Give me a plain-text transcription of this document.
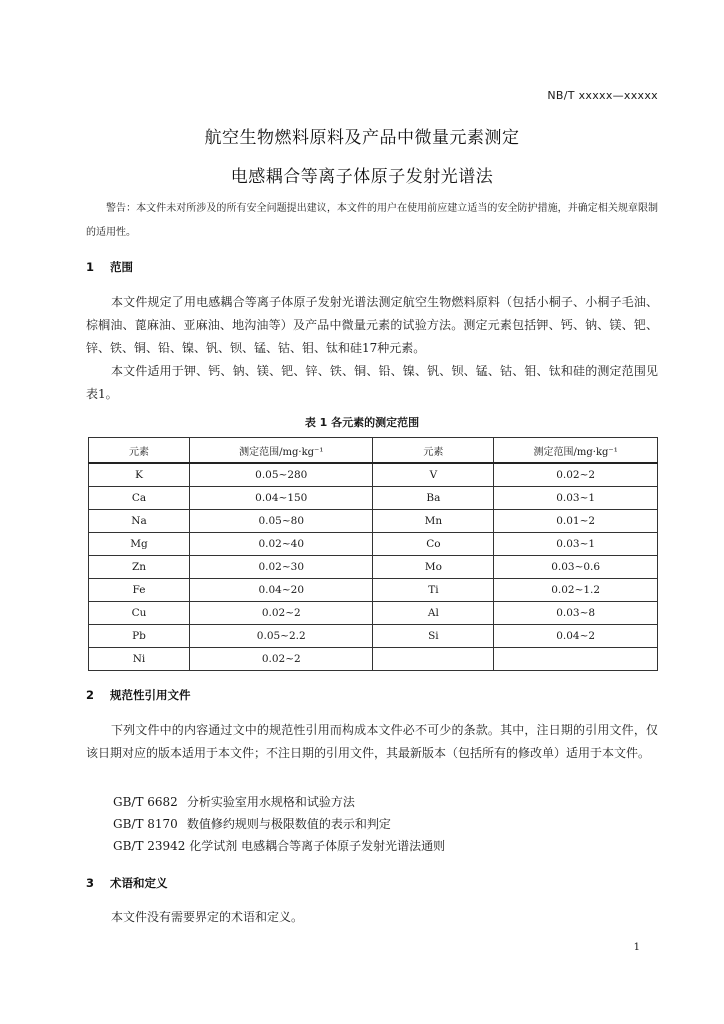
NB/T xxxxx—xxxxx
航空生物燃料原料及产品中微量元素测定
电感耦合等离子体原子发射光谱法
警告：本文件未对所涉及的所有安全问题提出建议，本文件的用户在使用前应建立适当的安全防护措施，并确定相关规章限制的适用性。
1 范围
本文件规定了用电感耦合等离子体原子发射光谱法测定航空生物燃料原料（包括小桐子、小桐子毛油、棕榈油、蓖麻油、亚麻油、地沟油等）及产品中微量元素的试验方法。测定元素包括钾、钙、钠、镁、钯、锌、铁、铜、铅、镍、钒、钡、锰、钴、钼、钛和硅17种元素。
本文件适用于钾、钙、钠、镁、钯、锌、铁、铜、铅、镍、钒、钡、锰、钴、钼、钛和硅的测定范围见表1。
表 1 各元素的测定范围
元素	测定范围/mg·kg⁻¹	元素	测定范围/mg·kg⁻¹
K	0.05~280	V	0.02~2
Ca	0.04~150	Ba	0.03~1
Na	0.05~80	Mn	0.01~2
Mg	0.02~40	Co	0.03~1
Zn	0.02~30	Mo	0.03~0.6
Fe	0.04~20	Ti	0.02~1.2
Cu	0.02~2	Al	0.03~8
Pb	0.05~2.2	Si	0.04~2
Ni	0.02~2		
2 规范性引用文件
下列文件中的内容通过文中的规范性引用而构成本文件必不可少的条款。其中，注日期的引用文件，仅该日期对应的版本适用于本文件；不注日期的引用文件，其最新版本（包括所有的修改单）适用于本文件。
GB/T 6682 分析实验室用水规格和试验方法
GB/T 8170 数值修约规则与极限数值的表示和判定
GB/T 23942 化学试剂 电感耦合等离子体原子发射光谱法通则
3 术语和定义
本文件没有需要界定的术语和定义。
1
